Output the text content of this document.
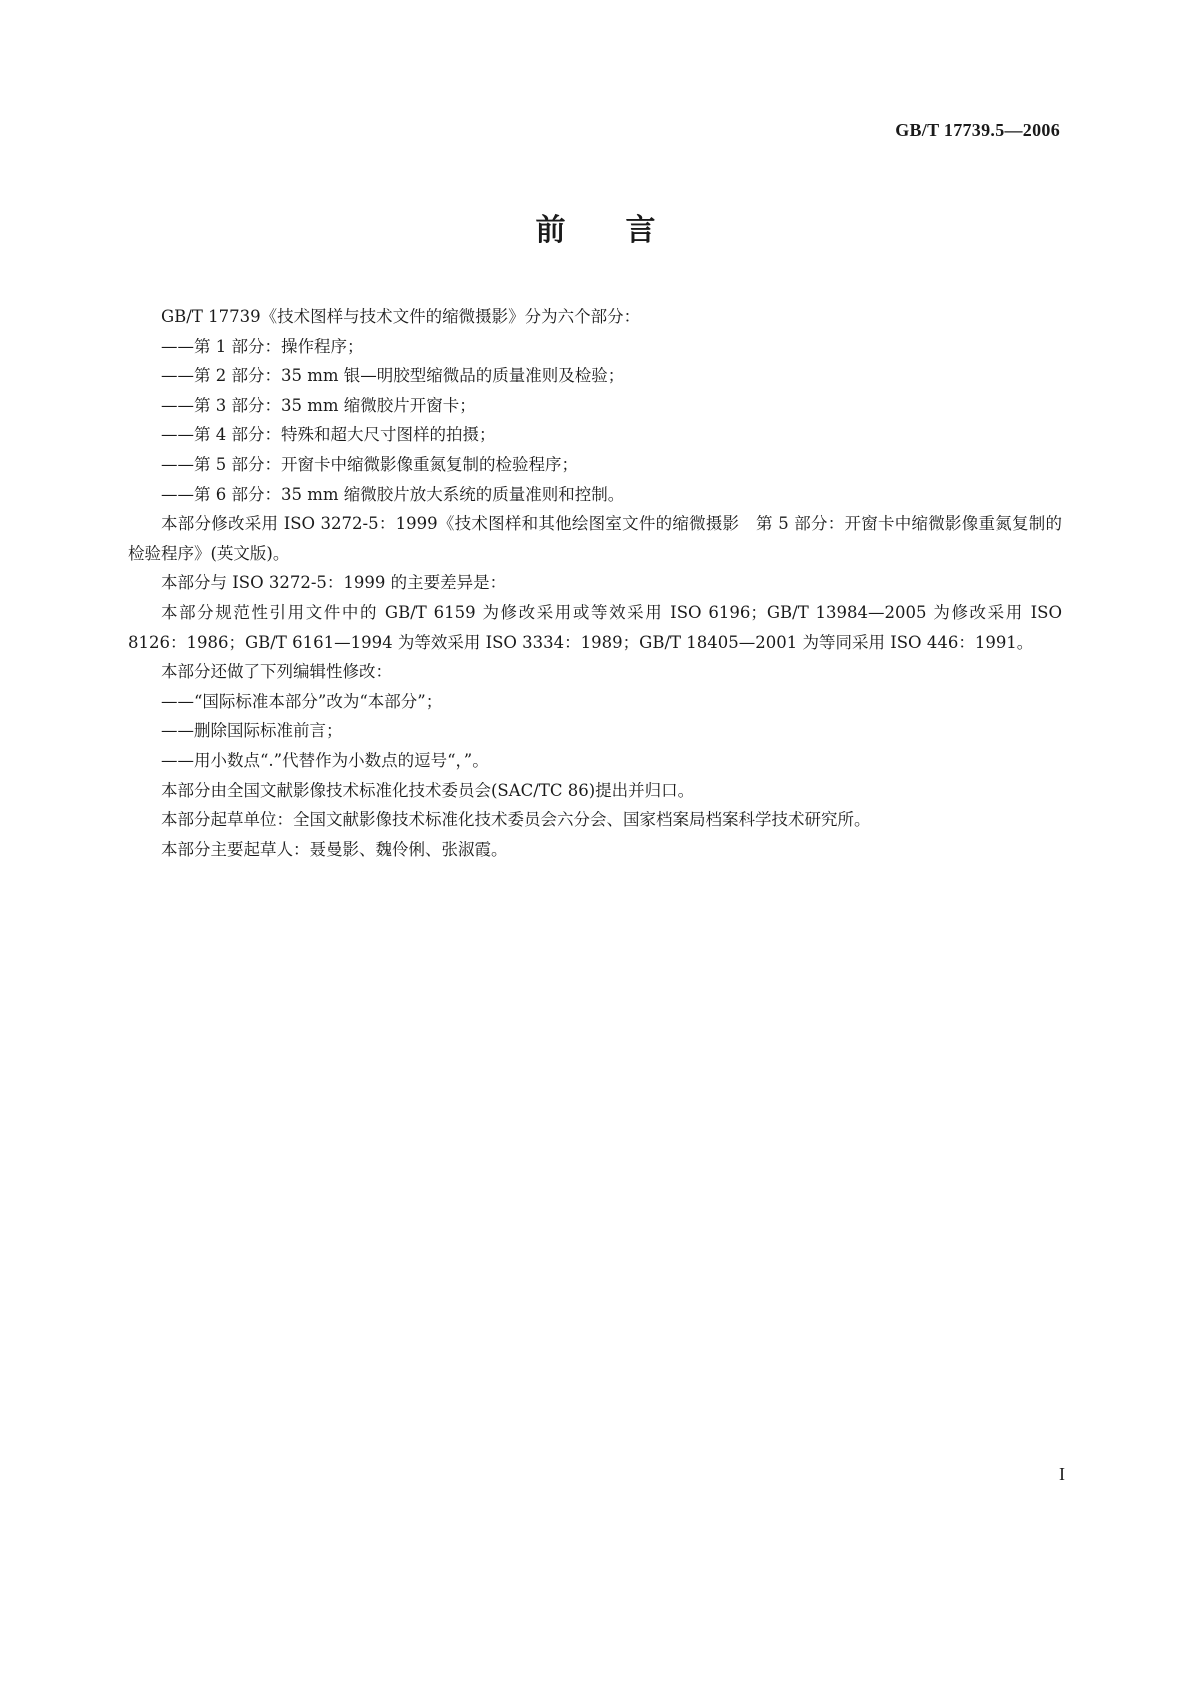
GB/T 17739.5—2006
前言

GB/T 17739《技术图样与技术文件的缩微摄影》分为六个部分：

——第 1 部分：操作程序；

——第 2 部分：35 mm 银—明胶型缩微品的质量准则及检验；

——第 3 部分：35 mm 缩微胶片开窗卡；

——第 4 部分：特殊和超大尺寸图样的拍摄；

——第 5 部分：开窗卡中缩微影像重氮复制的检验程序；

——第 6 部分：35 mm 缩微胶片放大系统的质量准则和控制。

本部分修改采用 ISO 3272-5：1999《技术图样和其他绘图室文件的缩微摄影　第 5 部分：开窗卡中缩微影像重氮复制的检验程序》(英文版)。

本部分与 ISO 3272-5：1999 的主要差异是：

本部分规范性引用文件中的 GB/T 6159 为修改采用或等效采用 ISO 6196；GB/T 13984—2005 为修改采用 ISO 8126：1986；GB/T 6161—1994 为等效采用 ISO 3334：1989；GB/T 18405—2001 为等同采用 ISO 446：1991。

本部分还做了下列编辑性修改：

——“国际标准本部分”改为“本部分”；

——删除国际标准前言；

——用小数点“.”代替作为小数点的逗号“，”。

本部分由全国文献影像技术标准化技术委员会(SAC/TC 86)提出并归口。

本部分起草单位：全国文献影像技术标准化技术委员会六分会、国家档案局档案科学技术研究所。

本部分主要起草人：聂曼影、魏伶俐、张淑霞。

I
